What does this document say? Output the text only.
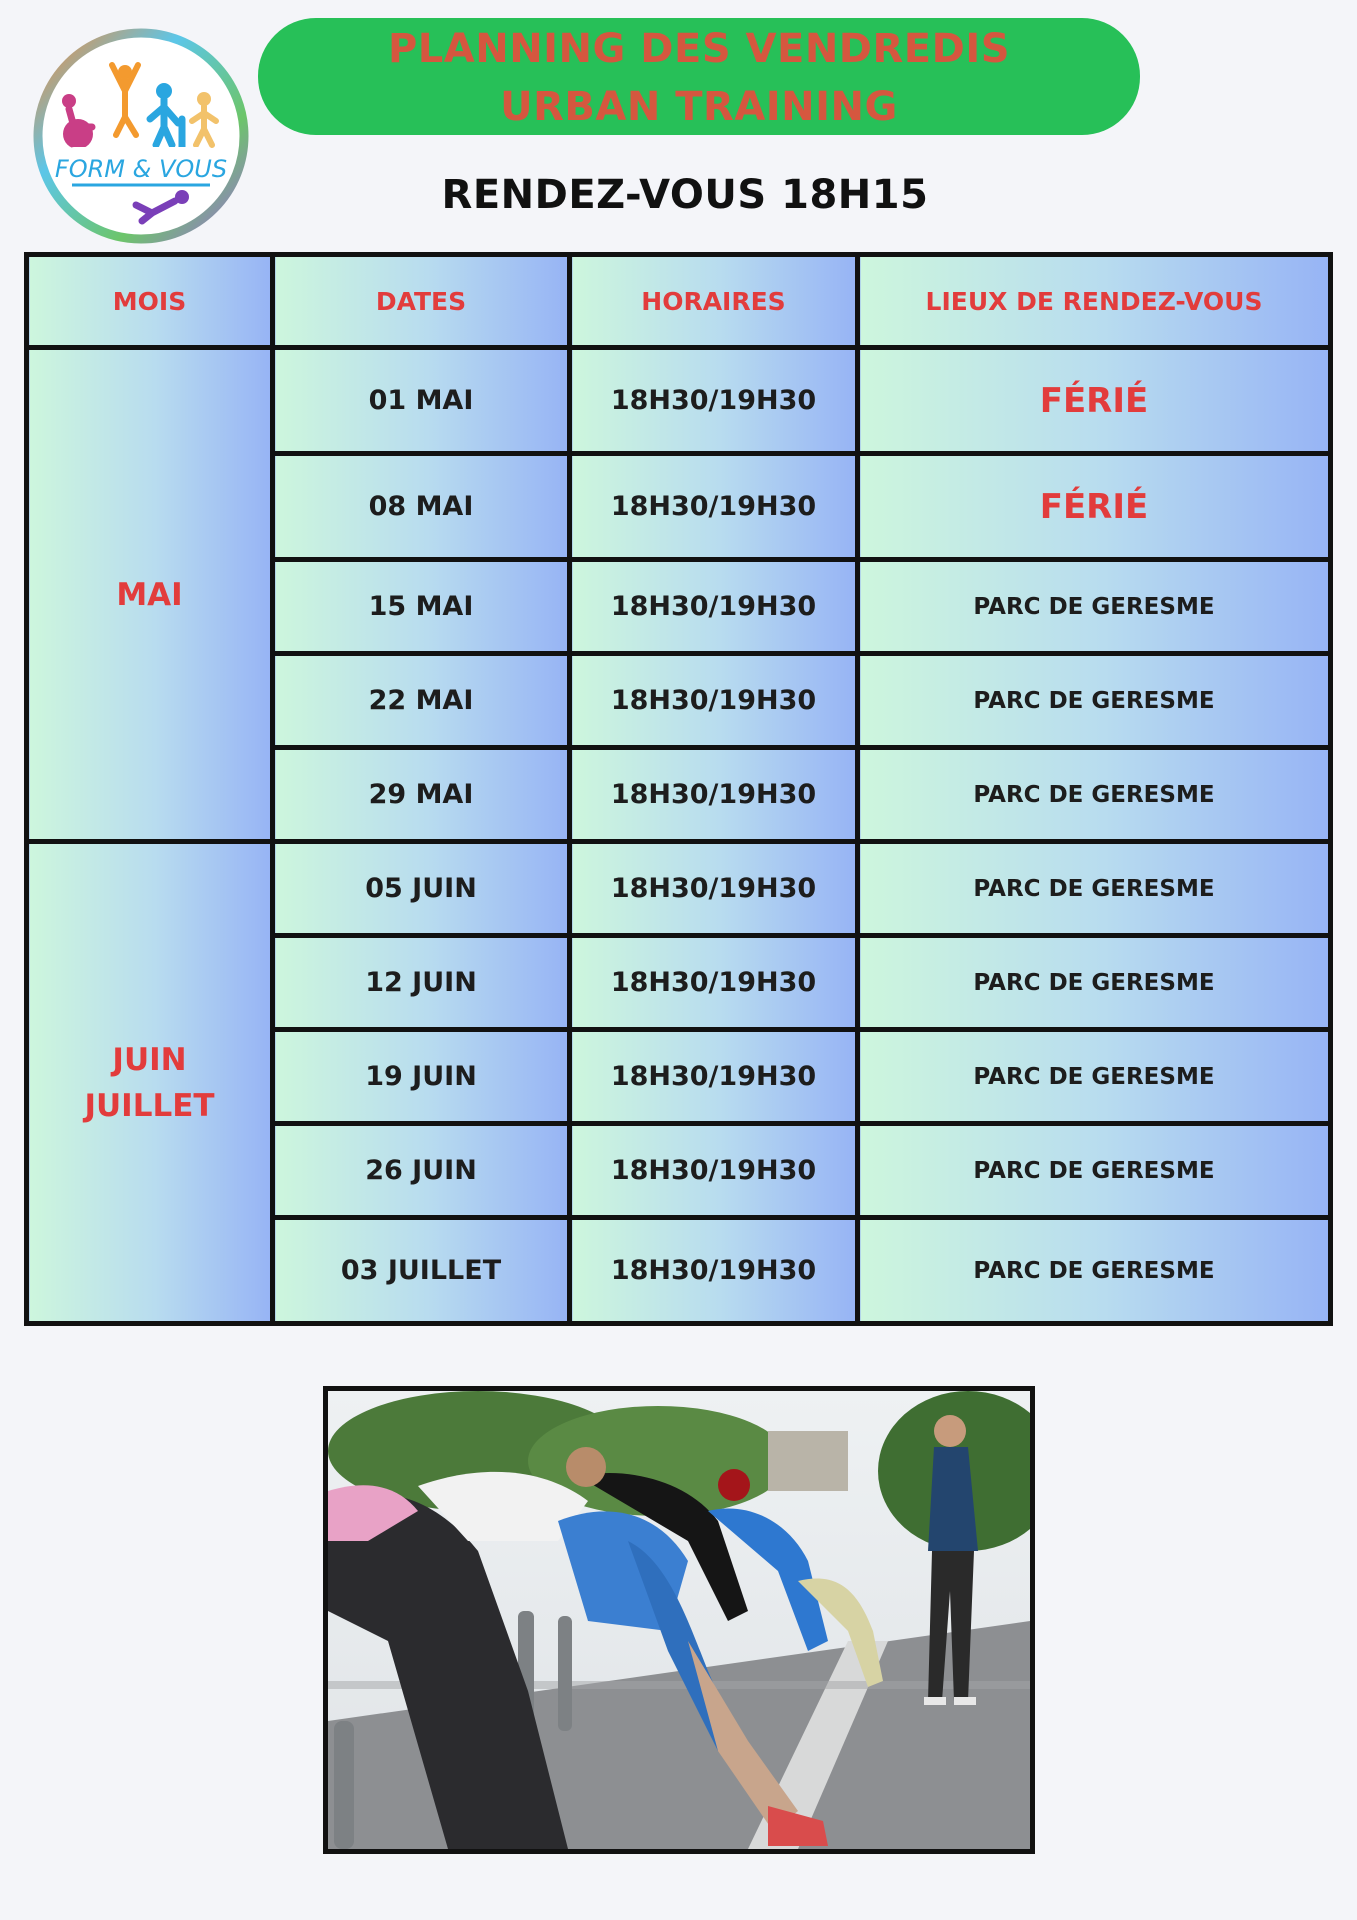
FORM & VOUS
PLANNING DES VENDREDIS
URBAN TRAINING
RENDEZ-VOUS 18H15
MOIS	DATES	HORAIRES	LIEUX DE RENDEZ-VOUS
MAI	01 MAI	18H30/19H30	FÉRIÉ
	08 MAI	18H30/19H30	FÉRIÉ
	15 MAI	18H30/19H30	PARC DE GERESME
	22 MAI	18H30/19H30	PARC DE GERESME
	29 MAI	18H30/19H30	PARC DE GERESME

JUIN
JUILLET	05 JUIN	18H30/19H30	PARC DE GERESME
	12 JUIN	18H30/19H30	PARC DE GERESME
	19 JUIN	18H30/19H30	PARC DE GERESME
	26 JUIN	18H30/19H30	PARC DE GERESME
	03 JUILLET	18H30/19H30	PARC DE GERESME
